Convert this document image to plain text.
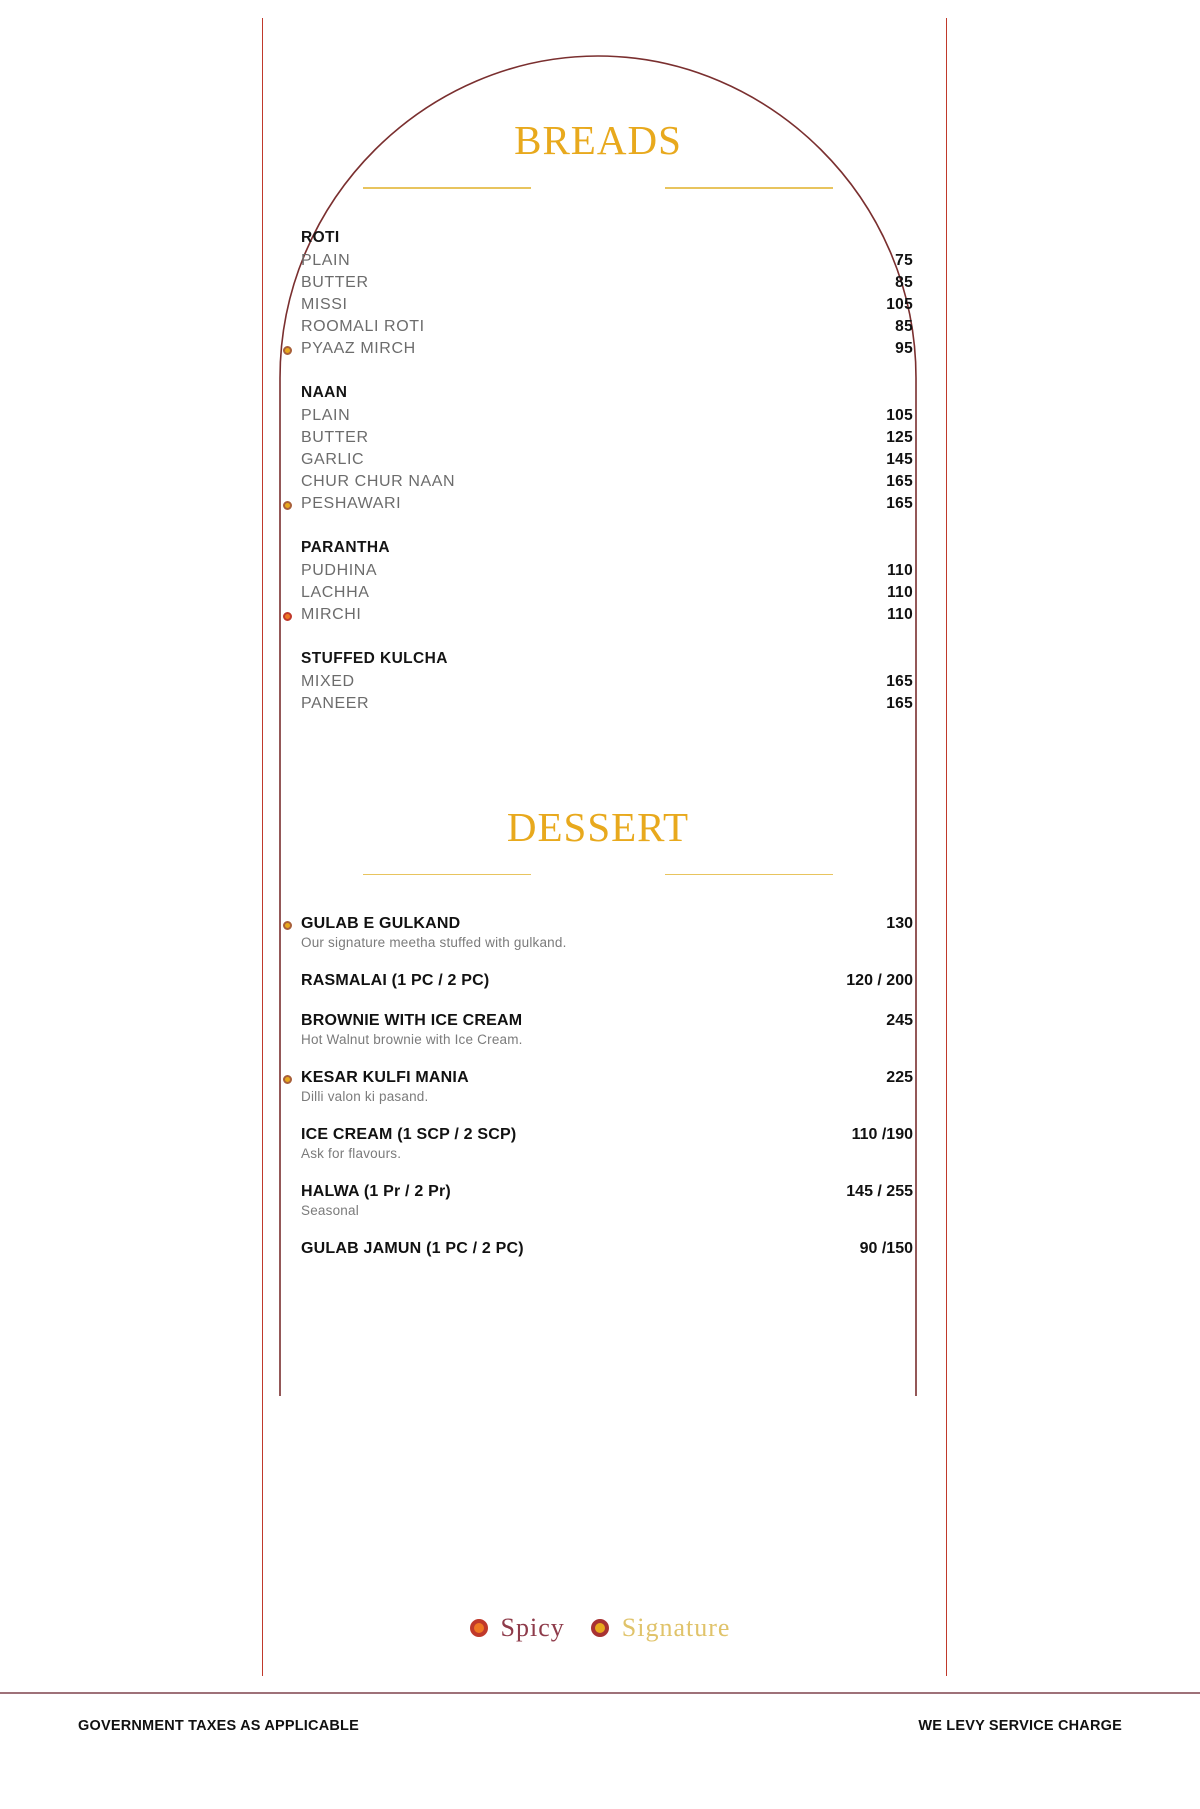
BREADS
ROTI
PLAIN	75
BUTTER	85
MISSI	105
ROOMALI ROTI	85
PYAAZ MIRCH	95
NAAN
PLAIN	105
BUTTER	125
GARLIC	145
CHUR CHUR NAAN	165
PESHAWARI	165
PARANTHA
PUDHINA	110
LACHHA	110
MIRCHI	110
STUFFED KULCHA
MIXED	165
PANEER	165
DESSERT
GULAB E GULKAND	130
Our signature meetha stuffed with gulkand.
RASMALAI (1 PC / 2 PC)	120 / 200
BROWNIE WITH ICE CREAM	245
Hot Walnut brownie with Ice Cream.
KESAR KULFI MANIA	225
Dilli valon ki pasand.
ICE CREAM (1 SCP / 2 SCP)	110 /190
Ask for flavours.
HALWA (1 Pr / 2 Pr)	145 / 255
Seasonal
GULAB JAMUN (1 PC / 2 PC)	90 /150
Spicy Signature
GOVERNMENT TAXES AS APPLICABLE	WE LEVY SERVICE CHARGE
